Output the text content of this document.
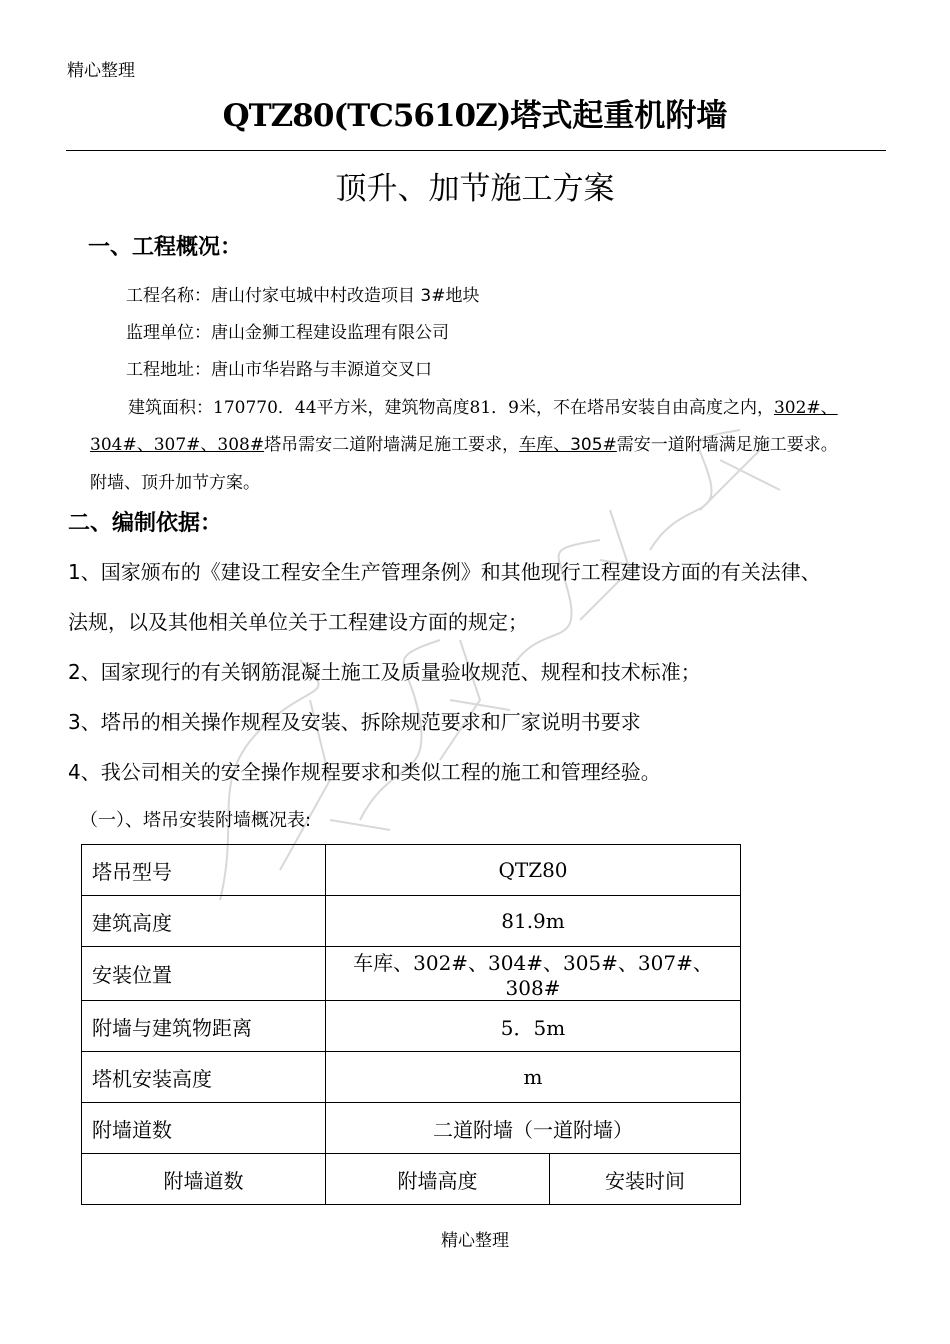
精心整理
QTZ80(TC5610Z)塔式起重机附墙
顶升、加节施工方案
一、工程概况：
工程名称：唐山付家屯城中村改造项目 3#地块
监理单位：唐山金狮工程建设监理有限公司
工程地址：唐山市华岩路与丰源道交叉口
建筑面积：170770．44平方米，建筑物高度81．9米，不在塔吊安装自由高度之内，302#、
304#、307#、308#塔吊需安二道附墙满足施工要求，车库、305#需安一道附墙满足施工要求。
附墙、顶升加节方案。
二、编制依据：
1、国家颁布的《建设工程安全生产管理条例》和其他现行工程建设方面的有关法律、
法规，以及其他相关单位关于工程建设方面的规定；
2、国家现行的有关钢筋混凝土施工及质量验收规范、规程和技术标准；
3、塔吊的相关操作规程及安装、拆除规范要求和厂家说明书要求
4、我公司相关的安全操作规程要求和类似工程的施工和管理经验。
（一）、塔吊安装附墙概况表:
塔吊型号	QTZ80	
建筑高度	81.9m	
安装位置	车库、302#、304#、305#、307#、308#	
附墙与建筑物距离	5．5m	
塔机安装高度	m	
附墙道数	二道附墙（一道附墙）	
附墙道数	附墙高度	安装时间
精心整理
